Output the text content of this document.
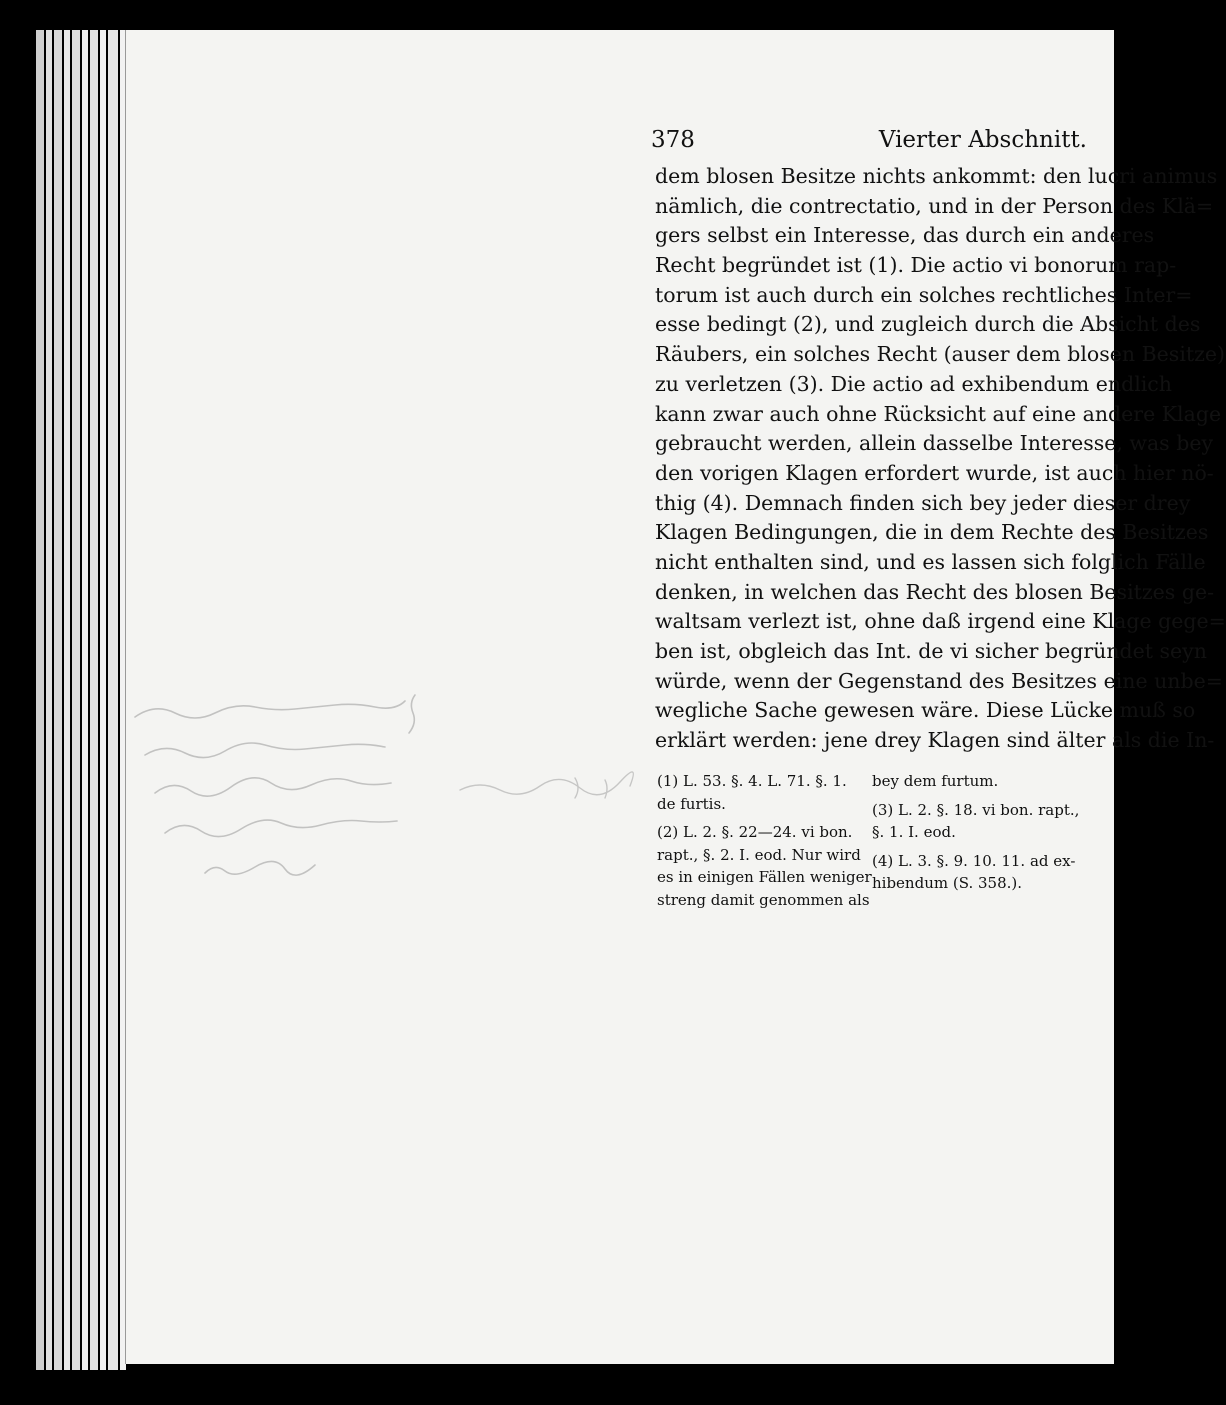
378	Vierter Abschnitt.
dem blosen Besitze nichts ankommt: den lucri animus
nämlich, die contrectatio, und in der Person des Klä=
gers selbst ein Interesse, das durch ein anderes
Recht begründet ist (1). Die actio vi bonorum rap-
torum ist auch durch ein solches rechtliches Inter=
esse bedingt (2), und zugleich durch die Absicht des
Räubers, ein solches Recht (auser dem blosen Besitze)
zu verletzen (3). Die actio ad exhibendum endlich
kann zwar auch ohne Rücksicht auf eine andere Klage
gebraucht werden, allein dasselbe Interesse, was bey
den vorigen Klagen erfordert wurde, ist auch hier nö-
thig (4). Demnach finden sich bey jeder dieser drey
Klagen Bedingungen, die in dem Rechte des Besitzes
nicht enthalten sind, und es lassen sich folglich Fälle
denken, in welchen das Recht des blosen Besitzes ge-
waltsam verlezt ist, ohne daß irgend eine Klage gege=
ben ist, obgleich das Int. de vi sicher begründet seyn
würde, wenn der Gegenstand des Besitzes eine unbe=
wegliche Sache gewesen wäre. Diese Lücke muß so
erklärt werden: jene drey Klagen sind älter als die In-
(1) L. 53. §. 4. L. 71. §. 1.
de furtis.
(2) L. 2. §. 22—24. vi bon.
rapt., §. 2. I. eod. Nur wird
es in einigen Fällen weniger
streng damit genommen als
bey dem furtum.
(3) L. 2. §. 18. vi bon. rapt.,
§. 1. I. eod.
(4) L. 3. §. 9. 10. 11. ad ex-
hibendum (S. 358.).
